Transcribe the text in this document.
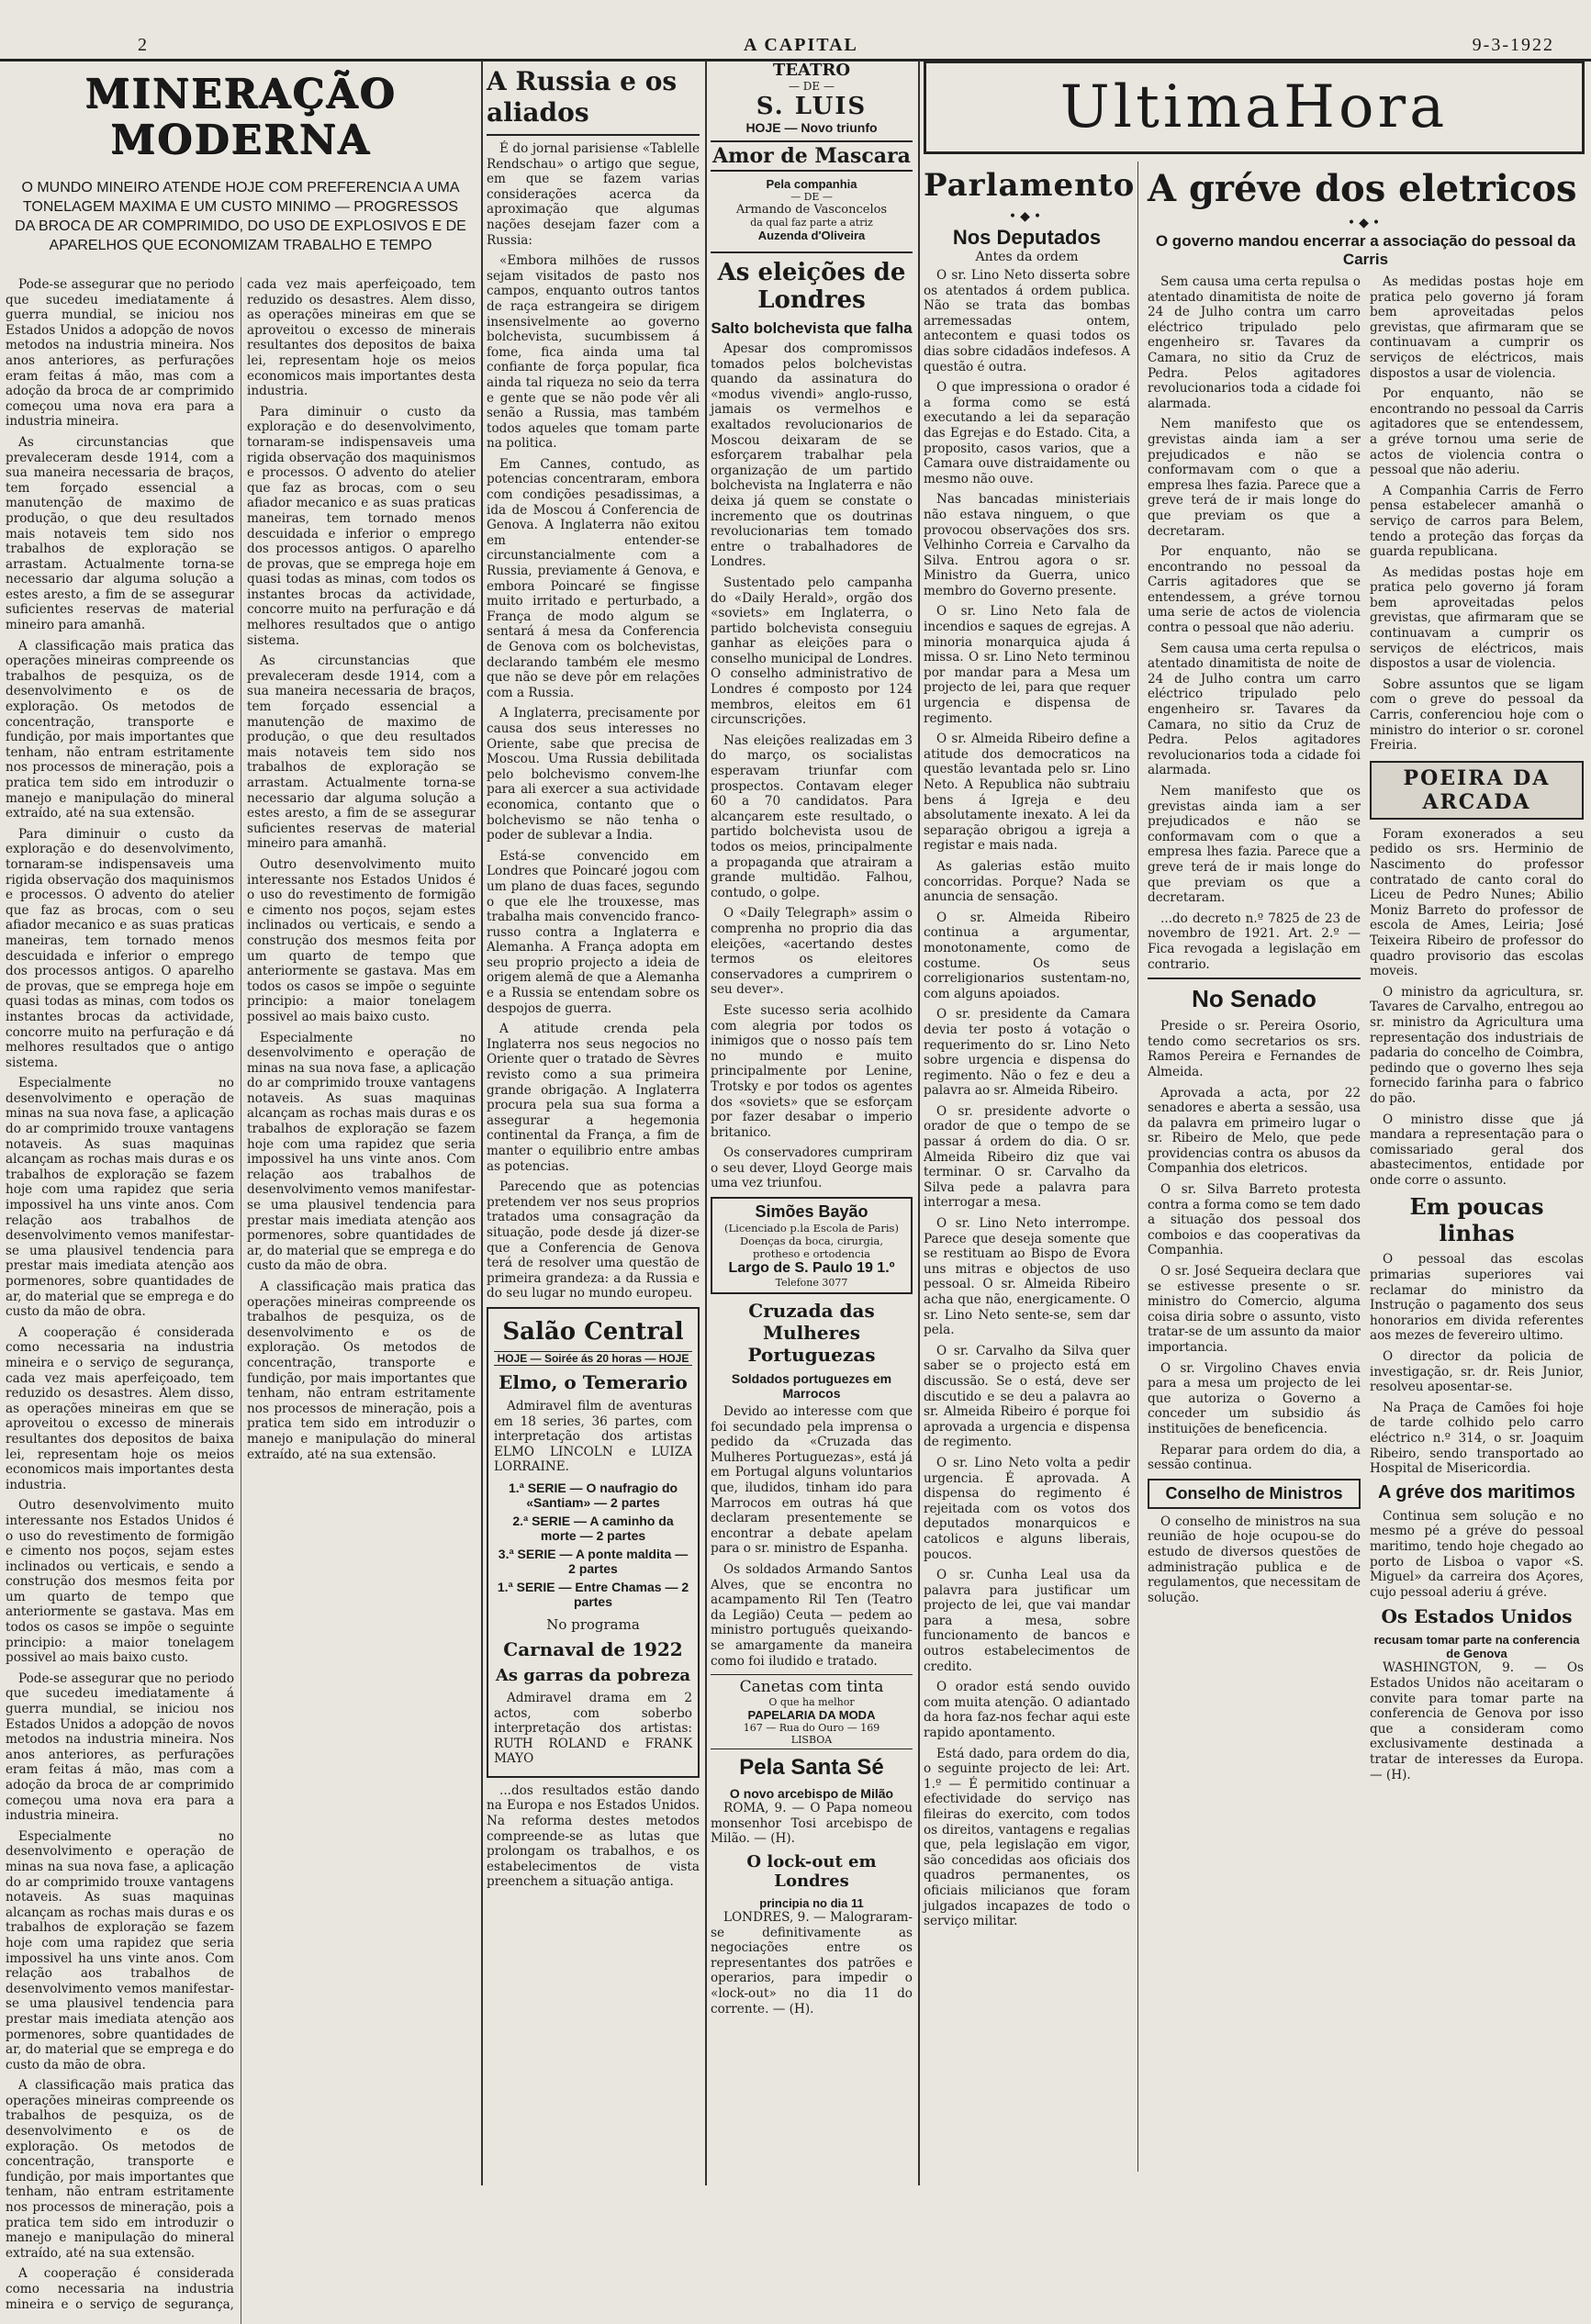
2	A CAPITAL	9-3-1922
MINERAÇÃO MODERNA
O MUNDO MINEIRO ATENDE HOJE COM PREFERENCIA A UMA TONELAGEM MAXIMA E UM CUSTO MINIMO — PROGRESSOS DA BROCA DE AR COMPRIMIDO, DO USO DE EXPLOSIVOS E DE APARELHOS QUE ECONOMIZAM TRABALHO E TEMPO

Pode-se assegurar que no periodo que sucedeu imediatamente á guerra mundial, se iniciou nos Estados Unidos a adopção de novos metodos na industria mineira. Nos anos anteriores, as perfurações eram feitas á mão, mas com a adoção da broca de ar comprimido começou uma nova era para a industria mineira.

As circunstancias que prevaleceram desde 1914, com a sua maneira necessaria de braços, tem forçado essencial a manutenção de maximo de produção, o que deu resultados mais notaveis tem sido nos trabalhos de exploração se arrastam. Actualmente torna-se necessario dar alguma solução a estes aresto, a fim de se assegurar suficientes reservas de material mineiro para amanhã.

A classificação mais pratica das operações mineiras compreende os trabalhos de pesquiza, os de desenvolvimento e os de exploração. Os metodos de concentração, transporte e fundição, por mais importantes que tenham, não entram estritamente nos processos de mineração, pois a pratica tem sido em introduzir o manejo e manipulação do mineral extraído, até na sua extensão.

Para diminuir o custo da exploração e do desenvolvimento, tornaram-se indispensaveis uma rigida observação dos maquinismos e processos. O advento do atelier que faz as brocas, com o seu afiador mecanico e as suas praticas maneiras, tem tornado menos descuidada e inferior o emprego dos processos antigos. O aparelho de provas, que se emprega hoje em quasi todas as minas, com todos os instantes brocas da actividade, concorre muito na perfuração e dá melhores resultados que o antigo sistema.

Especialmente no desenvolvimento e operação de minas na sua nova fase, a aplicação do ar comprimido trouxe vantagens notaveis. As suas maquinas alcançam as rochas mais duras e os trabalhos de exploração se fazem hoje com uma rapidez que seria impossivel ha uns vinte anos. Com relação aos trabalhos de desenvolvimento vemos manifestar-se uma plausivel tendencia para prestar mais imediata atenção aos pormenores, sobre quantidades de ar, do material que se emprega e do custo da mão de obra.

A cooperação é considerada como necessaria na industria mineira e o serviço de segurança, cada vez mais aperfeiçoado, tem reduzido os desastres. Alem disso, as operações mineiras em que se aproveitou o excesso de minerais resultantes dos depositos de baixa lei, representam hoje os meios economicos mais importantes desta industria.

Outro desenvolvimento muito interessante nos Estados Unidos é o uso do revestimento de formigão e cimento nos poços, sejam estes inclinados ou verticais, e sendo a construção dos mesmos feita por um quarto de tempo que anteriormente se gastava. Mas em todos os casos se impõe o seguinte principio: a maior tonelagem possivel ao mais baixo custo.

Pode-se assegurar que no periodo que sucedeu imediatamente á guerra mundial, se iniciou nos Estados Unidos a adopção de novos metodos na industria mineira. Nos anos anteriores, as perfurações eram feitas á mão, mas com a adoção da broca de ar comprimido começou uma nova era para a industria mineira.

Especialmente no desenvolvimento e operação de minas na sua nova fase, a aplicação do ar comprimido trouxe vantagens notaveis. As suas maquinas alcançam as rochas mais duras e os trabalhos de exploração se fazem hoje com uma rapidez que seria impossivel ha uns vinte anos. Com relação aos trabalhos de desenvolvimento vemos manifestar-se uma plausivel tendencia para prestar mais imediata atenção aos pormenores, sobre quantidades de ar, do material que se emprega e do custo da mão de obra.

A classificação mais pratica das operações mineiras compreende os trabalhos de pesquiza, os de desenvolvimento e os de exploração. Os metodos de concentração, transporte e fundição, por mais importantes que tenham, não entram estritamente nos processos de mineração, pois a pratica tem sido em introduzir o manejo e manipulação do mineral extraído, até na sua extensão.

A cooperação é considerada como necessaria na industria mineira e o serviço de segurança, cada vez mais aperfeiçoado, tem reduzido os desastres. Alem disso, as operações mineiras em que se aproveitou o excesso de minerais resultantes dos depositos de baixa lei, representam hoje os meios economicos mais importantes desta industria.

Para diminuir o custo da exploração e do desenvolvimento, tornaram-se indispensaveis uma rigida observação dos maquinismos e processos. O advento do atelier que faz as brocas, com o seu afiador mecanico e as suas praticas maneiras, tem tornado menos descuidada e inferior o emprego dos processos antigos. O aparelho de provas, que se emprega hoje em quasi todas as minas, com todos os instantes brocas da actividade, concorre muito na perfuração e dá melhores resultados que o antigo sistema.

As circunstancias que prevaleceram desde 1914, com a sua maneira necessaria de braços, tem forçado essencial a manutenção de maximo de produção, o que deu resultados mais notaveis tem sido nos trabalhos de exploração se arrastam. Actualmente torna-se necessario dar alguma solução a estes aresto, a fim de se assegurar suficientes reservas de material mineiro para amanhã.

Outro desenvolvimento muito interessante nos Estados Unidos é o uso do revestimento de formigão e cimento nos poços, sejam estes inclinados ou verticais, e sendo a construção dos mesmos feita por um quarto de tempo que anteriormente se gastava. Mas em todos os casos se impõe o seguinte principio: a maior tonelagem possivel ao mais baixo custo.

Especialmente no desenvolvimento e operação de minas na sua nova fase, a aplicação do ar comprimido trouxe vantagens notaveis. As suas maquinas alcançam as rochas mais duras e os trabalhos de exploração se fazem hoje com uma rapidez que seria impossivel ha uns vinte anos. Com relação aos trabalhos de desenvolvimento vemos manifestar-se uma plausivel tendencia para prestar mais imediata atenção aos pormenores, sobre quantidades de ar, do material que se emprega e do custo da mão de obra.

A classificação mais pratica das operações mineiras compreende os trabalhos de pesquiza, os de desenvolvimento e os de exploração. Os metodos de concentração, transporte e fundição, por mais importantes que tenham, não entram estritamente nos processos de mineração, pois a pratica tem sido em introduzir o manejo e manipulação do mineral extraído, até na sua extensão.

A Russia e os aliados

É do jornal parisiense «Tablelle Rendschau» o artigo que segue, em que se fazem varias considerações acerca da aproximação que algumas nações desejam fazer com a Russia:

«Embora milhões de russos sejam visitados de pasto nos campos, enquanto outros tantos de raça estrangeira se dirigem insensivelmente ao governo bolchevista, sucumbissem á fome, fica ainda uma tal confiante de força popular, fica ainda tal riqueza no seio da terra e gente que se não pode vêr ali senão a Russia, mas também todos aqueles que tomam parte na politica.

Em Cannes, contudo, as potencias concentraram, embora com condições pesadissimas, a ida de Moscou á Conferencia de Genova. A Inglaterra não exitou em entender-se circunstancialmente com a Russia, previamente á Genova, e embora Poincaré se fingisse muito irritado e perturbado, a França de modo algum se sentará á mesa da Conferencia de Genova com os bolchevistas, declarando também ele mesmo que não se deve pôr em relações com a Russia.

A Inglaterra, precisamente por causa dos seus interesses no Oriente, sabe que precisa de Moscou. Uma Russia debilitada pelo bolchevismo convem-lhe para ali exercer a sua actividade economica, contanto que o bolchevismo se não tenha o poder de sublevar a India.

Está-se convencido em Londres que Poincaré jogou com um plano de duas faces, segundo o que ele lhe trouxesse, mas trabalha mais convencido franco-russo contra a Inglaterra e Alemanha. A França adopta em seu proprio projecto a ideia de origem alemã de que a Alemanha e a Russia se entendam sobre os despojos de guerra.

A atitude crenda pela Inglaterra nos seus negocios no Oriente quer o tratado de Sèvres revisto como a sua primeira grande obrigação. A Inglaterra procura pela sua sua forma a assegurar a hegemonia continental da França, a fim de manter o equilibrio entre ambas as potencias.

Parecendo que as potencias pretendem ver nos seus proprios tratados uma consagração da situação, pode desde já dizer-se que a Conferencia de Genova terá de resolver uma questão de primeira grandeza: a da Russia e do seu lugar no mundo europeu.

Salão Central
HOJE — Soirée ás 20 horas — HOJE
Elmo, o Temerario

Admiravel film de aventuras em 18 series, 36 partes, com interpretação dos artistas ELMO LINCOLN e LUIZA LORRAINE.

1.ª SERIE — O naufragio do «Santiam» — 2 partes
2.ª SERIE — A caminho da morte — 2 partes
3.ª SERIE — A ponte maldita — 2 partes
1.ª SERIE — Entre Chamas — 2 partes
No programa
Carnaval de 1922
As garras da pobreza

Admiravel drama em 2 actos, com soberbo interpretação dos artistas: RUTH ROLAND e FRANK MAYO

...dos resultados estão dando na Europa e nos Estados Unidos. Na reforma destes metodos compreende-se as lutas que prolongam os trabalhos, e os estabelecimentos de vista preenchem a situação antiga.

TEATRO
— DE —
S. LUIS
HOJE — Novo triunfo
Amor de Mascara
Pela companhia
— DE —
Armando de Vasconcelos
da qual faz parte a atriz
Auzenda d'Oliveira
As eleições de Londres
Salto bolchevista que falha

Apesar dos compromissos tomados pelos bolchevistas quando da assinatura do «modus vivendi» anglo-russo, jamais os vermelhos e exaltados revolucionarios de Moscou deixaram de se esforçarem trabalhar pela organização de um partido bolchevista na Inglaterra e não deixa já quem se constate o incremento que os doutrinas revolucionarias tem tomado entre o trabalhadores de Londres.

Sustentado pelo campanha do «Daily Herald», orgão dos «soviets» em Inglaterra, o partido bolchevista conseguiu ganhar as eleições para o conselho municipal de Londres. O conselho administrativo de Londres é composto por 124 membros, eleitos em 61 circunscrições.

Nas eleições realizadas em 3 do março, os socialistas esperavam triunfar com prospectos. Contavam eleger 60 a 70 candidatos. Para alcançarem este resultado, o partido bolchevista usou de todos os meios, principalmente a propaganda que atrairam a grande multidão. Falhou, contudo, o golpe.

O «Daily Telegraph» assim o comprenha no proprio dia das eleições, «acertando destes termos os eleitores conservadores a cumprirem o seu dever».

Este sucesso seria acolhido com alegria por todos os inimigos que o nosso país tem no mundo e muito principalmente por Lenine, Trotsky e por todos os agentes dos «soviets» que se esforçam por fazer desabar o imperio britanico.

Os conservadores cumpriram o seu dever, Lloyd George mais uma vez triunfou.

Simões Bayão
(Licenciado p.la Escola de Paris) Doenças da boca, cirurgia, protheso e ortodencia
Largo de S. Paulo 19 1.º
Telefone 3077
Cruzada das Mulheres Portuguezas
Soldados portuguezes em Marrocos

Devido ao interesse com que foi secundado pela imprensa o pedido da «Cruzada das Mulheres Portuguezas», está já em Portugal alguns voluntarios que, iludidos, tinham ido para Marrocos em outras há que declaram presentemente se encontrar a debate apelam para o sr. ministro de Espanha.

Os soldados Armando Santos Alves, que se encontra no acampamento Ril Ten (Teatro da Legião) Ceuta — pedem ao ministro português queixando-se amargamente da maneira como foi iludido e tratado.

Canetas com tinta
O que ha melhor
PAPELARIA DA MODA
167 — Rua do Ouro — 169
LISBOA
Pela Santa Sé
O novo arcebispo de Milão

ROMA, 9. — O Papa nomeou monsenhor Tosi arcebispo de Milão. — (H).

O lock-out em Londres
principia no dia 11

LONDRES, 9. — Malograram-se definitivamente as negociações entre os representantes dos patrões e operarios, para impedir o «lock-out» no dia 11 do corrente. — (H).

UltimaHora
Parlamento
•◆•
Nos Deputados
Antes da ordem

O sr. Lino Neto disserta sobre os atentados á ordem publica. Não se trata das bombas arremessadas ontem, antecontem e quasi todos os dias sobre cidadãos indefesos. A questão é outra.

O que impressiona o orador é a forma como se está executando a lei da separação das Egrejas e do Estado. Cita, a proposito, casos varios, que a Camara ouve distraidamente ou mesmo não ouve.

Nas bancadas ministeriais não estava ninguem, o que provocou observações dos srs. Velhinho Correia e Carvalho da Silva. Entrou agora o sr. Ministro da Guerra, unico membro do Governo presente.

O sr. Lino Neto fala de incendios e saques de egrejas. A minoria monarquica ajuda á missa. O sr. Lino Neto terminou por mandar para a Mesa um projecto de lei, para que requer urgencia e dispensa de regimento.

O sr. Almeida Ribeiro define a atitude dos democraticos na questão levantada pelo sr. Lino Neto. A Republica não subtraiu bens á Igreja e deu absolutamente inexato. A lei da separação obrigou a igreja a registar e mais nada.

As galerias estão muito concorridas. Porque? Nada se anuncia de sensação.

O sr. Almeida Ribeiro continua a argumentar, monotonamente, como de costume. Os seus correligionarios sustentam-no, com alguns apoiados.

O sr. presidente da Camara devia ter posto á votação o requerimento do sr. Lino Neto sobre urgencia e dispensa do regimento. Não o fez e deu a palavra ao sr. Almeida Ribeiro.

O sr. presidente advorte o orador de que o tempo de se passar á ordem do dia. O sr. Almeida Ribeiro diz que vai terminar. O sr. Carvalho da Silva pede a palavra para interrogar a mesa.

O sr. Lino Neto interrompe. Parece que deseja somente que se restituam ao Bispo de Evora uns mitras e objectos de uso pessoal. O sr. Almeida Ribeiro acha que não, energicamente. O sr. Lino Neto sente-se, sem dar pela.

O sr. Carvalho da Silva quer saber se o projecto está em discussão. Se o está, deve ser discutido e se deu a palavra ao sr. Almeida Ribeiro é porque foi aprovada a urgencia e dispensa de regimento.

O sr. Lino Neto volta a pedir urgencia. É aprovada. A dispensa do regimento é rejeitada com os votos dos deputados monarquicos e catolicos e alguns liberais, poucos.

O sr. Cunha Leal usa da palavra para justificar um projecto de lei, que vai mandar para a mesa, sobre funcionamento de bancos e outros estabelecimentos de credito.

O orador está sendo ouvido com muita atenção. O adiantado da hora faz-nos fechar aqui este rapido apontamento.

Está dado, para ordem do dia, o seguinte projecto de lei: Art. 1.º — É permitido continuar a efectividade do serviço nas fileiras do exercito, com todos os direitos, vantagens e regalias que, pela legislação em vigor, são concedidas aos oficiais dos quadros permanentes, os oficiais milicianos que foram julgados incapazes de todo o serviço militar.

A gréve dos eletricos
•◆•
O governo mandou encerrar a associação do pessoal da Carris

Sem causa uma certa repulsa o atentado dinamitista de noite de 24 de Julho contra um carro eléctrico tripulado pelo engenheiro sr. Tavares da Camara, no sitio da Cruz de Pedra. Pelos agitadores revolucionarios toda a cidade foi alarmada.

Nem manifesto que os grevistas ainda iam a ser prejudicados e não se conformavam com o que a empresa lhes fazia. Parece que a greve terá de ir mais longe do que previam os que a decretaram.

Por enquanto, não se encontrando no pessoal da Carris agitadores que se entendessem, a gréve tornou uma serie de actos de violencia contra o pessoal que não aderiu.

Sem causa uma certa repulsa o atentado dinamitista de noite de 24 de Julho contra um carro eléctrico tripulado pelo engenheiro sr. Tavares da Camara, no sitio da Cruz de Pedra. Pelos agitadores revolucionarios toda a cidade foi alarmada.

Nem manifesto que os grevistas ainda iam a ser prejudicados e não se conformavam com o que a empresa lhes fazia. Parece que a greve terá de ir mais longe do que previam os que a decretaram.

...do decreto n.º 7825 de 23 de novembro de 1921. Art. 2.º — Fica revogada a legislação em contrario.

No Senado

Preside o sr. Pereira Osorio, tendo como secretarios os srs. Ramos Pereira e Fernandes de Almeida.

Aprovada a acta, por 22 senadores e aberta a sessão, usa da palavra em primeiro lugar o sr. Ribeiro de Melo, que pede providencias contra os abusos da Companhia dos eletricos.

O sr. Silva Barreto protesta contra a forma como se tem dado a situação dos pessoal dos comboios e das cooperativas da Companhia.

O sr. José Sequeira declara que se estivesse presente o sr. ministro do Comercio, alguma coisa diria sobre o assunto, visto tratar-se de um assunto da maior importancia.

O sr. Virgolino Chaves envia para a mesa um projecto de lei que autoriza o Governo a conceder um subsidio ás instituições de beneficencia.

Reparar para ordem do dia, a sessão continua.

Conselho de Ministros

O conselho de ministros na sua reunião de hoje ocupou-se do estudo de diversos questões de administração publica e de regulamentos, que necessitam de solução.

As medidas postas hoje em pratica pelo governo já foram bem aproveitadas pelos grevistas, que afirmaram que se continuavam a cumprir os serviços de eléctricos, mais dispostos a usar de violencia.

Por enquanto, não se encontrando no pessoal da Carris agitadores que se entendessem, a gréve tornou uma serie de actos de violencia contra o pessoal que não aderiu.

A Companhia Carris de Ferro pensa estabelecer amanhã o serviço de carros para Belem, tendo a proteção das forças da guarda republicana.

As medidas postas hoje em pratica pelo governo já foram bem aproveitadas pelos grevistas, que afirmaram que se continuavam a cumprir os serviços de eléctricos, mais dispostos a usar de violencia.

Sobre assuntos que se ligam com o greve do pessoal da Carris, conferenciou hoje com o ministro do interior o sr. coronel Freiria.

POEIRA DA ARCADA

Foram exonerados a seu pedido os srs. Herminio de Nascimento do professor contratado de canto coral do Liceu de Pedro Nunes; Abilio Moniz Barreto do professor de escola de Ames, Leiria; José Teixeira Ribeiro de professor do quadro provisorio das escolas moveis.

O ministro da agricultura, sr. Tavares de Carvalho, entregou ao sr. ministro da Agricultura uma representação dos industriais de padaria do concelho de Coimbra, pedindo que o governo lhes seja fornecido farinha para o fabrico do pão.

O ministro disse que já mandara a representação para o comissariado geral dos abastecimentos, entidade por onde corre o assunto.

Em poucas linhas

O pessoal das escolas primarias superiores vai reclamar do ministro da Instrução o pagamento dos seus honorarios em divida referentes aos mezes de fevereiro ultimo.

O director da policia de investigação, sr. dr. Reis Junior, resolveu aposentar-se.

Na Praça de Camões foi hoje de tarde colhido pelo carro eléctrico n.º 314, o sr. Joaquim Ribeiro, sendo transportado ao Hospital de Misericordia.

A gréve dos maritimos

Continua sem solução e no mesmo pé a gréve do pessoal maritimo, tendo hoje chegado ao porto de Lisboa o vapor «S. Miguel» da carreira dos Açores, cujo pessoal aderiu á gréve.

Os Estados Unidos
recusam tomar parte na conferencia de Genova

WASHINGTON, 9. — Os Estados Unidos não aceitaram o convite para tomar parte na conferencia de Genova por isso que a consideram como exclusivamente destinada a tratar de interesses da Europa. — (H).
